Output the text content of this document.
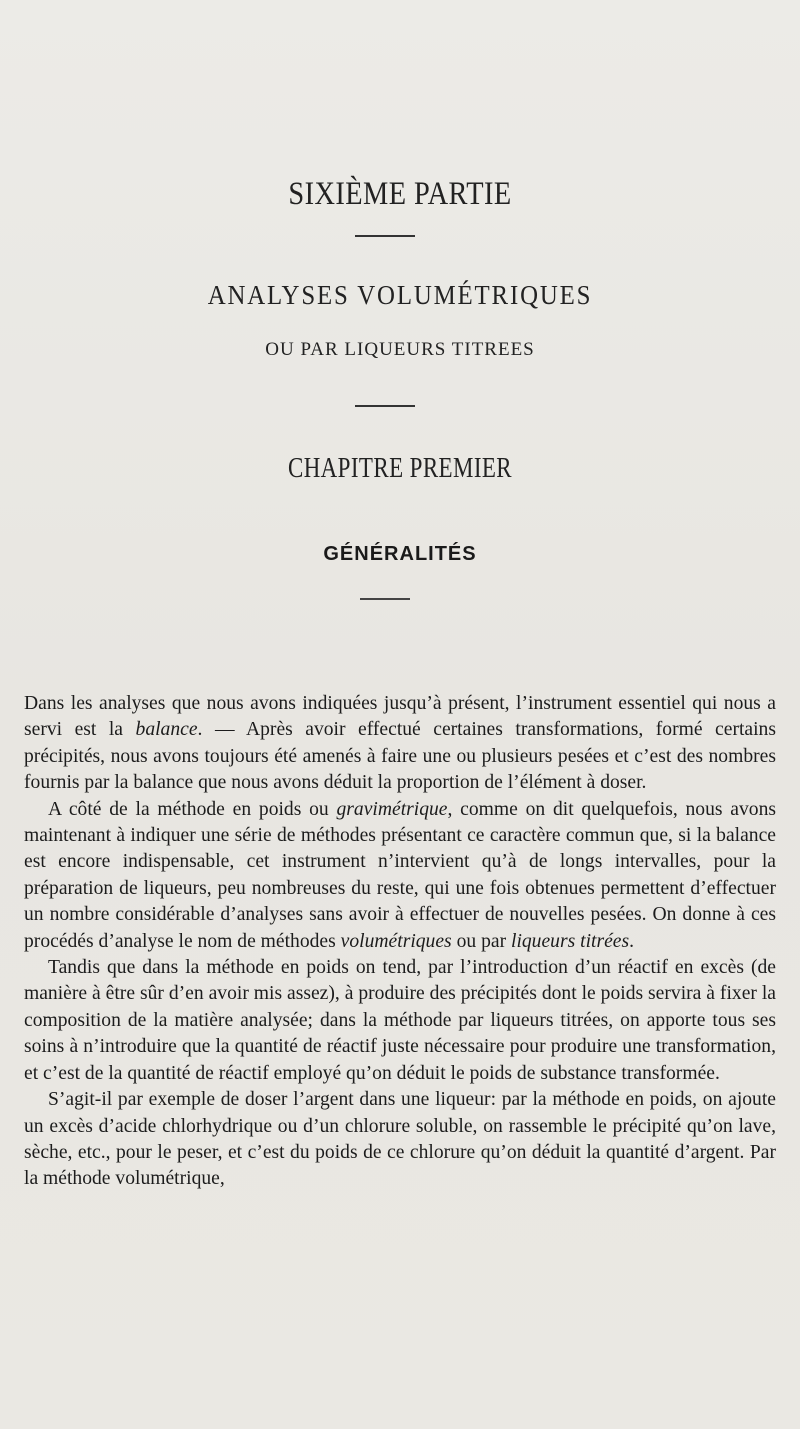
SIXIÈME PARTIE
ANALYSES VOLUMÉTRIQUES
OU PAR LIQUEURS TITREES
CHAPITRE PREMIER
GÉNÉRALITÉS

Dans les analyses que nous avons indiquées jusqu’à présent, l’instrument essentiel qui nous a servi est la balance. — Après avoir effectué certaines transformations, formé certains précipités, nous avons toujours été amenés à faire une ou plusieurs pesées et c’est des nombres fournis par la balance que nous avons déduit la proportion de l’élément à doser.

A côté de la méthode en poids ou gravimétrique, comme on dit quelquefois, nous avons maintenant à indiquer une série de méthodes présentant ce caractère commun que, si la balance est encore indispensable, cet instrument n’intervient qu’à de longs intervalles, pour la préparation de liqueurs, peu nombreuses du reste, qui une fois obtenues permettent d’effectuer un nombre considérable d’analyses sans avoir à effectuer de nouvelles pesées. On donne à ces procédés d’analyse le nom de méthodes volumétriques ou par liqueurs titrées.

Tandis que dans la méthode en poids on tend, par l’introduction d’un réactif en excès (de manière à être sûr d’en avoir mis assez), à produire des précipités dont le poids servira à fixer la composition de la matière analysée; dans la méthode par liqueurs titrées, on apporte tous ses soins à n’introduire que la quantité de réactif juste nécessaire pour produire une transformation, et c’est de la quantité de réactif employé qu’on déduit le poids de substance transformée.

S’agit-il par exemple de doser l’argent dans une liqueur: par la méthode en poids, on ajoute un excès d’acide chlorhydrique ou d’un chlorure soluble, on rassemble le précipité qu’on lave, sèche, etc., pour le peser, et c’est du poids de ce chlorure qu’on déduit la quantité d’argent. Par la méthode volumétrique,
